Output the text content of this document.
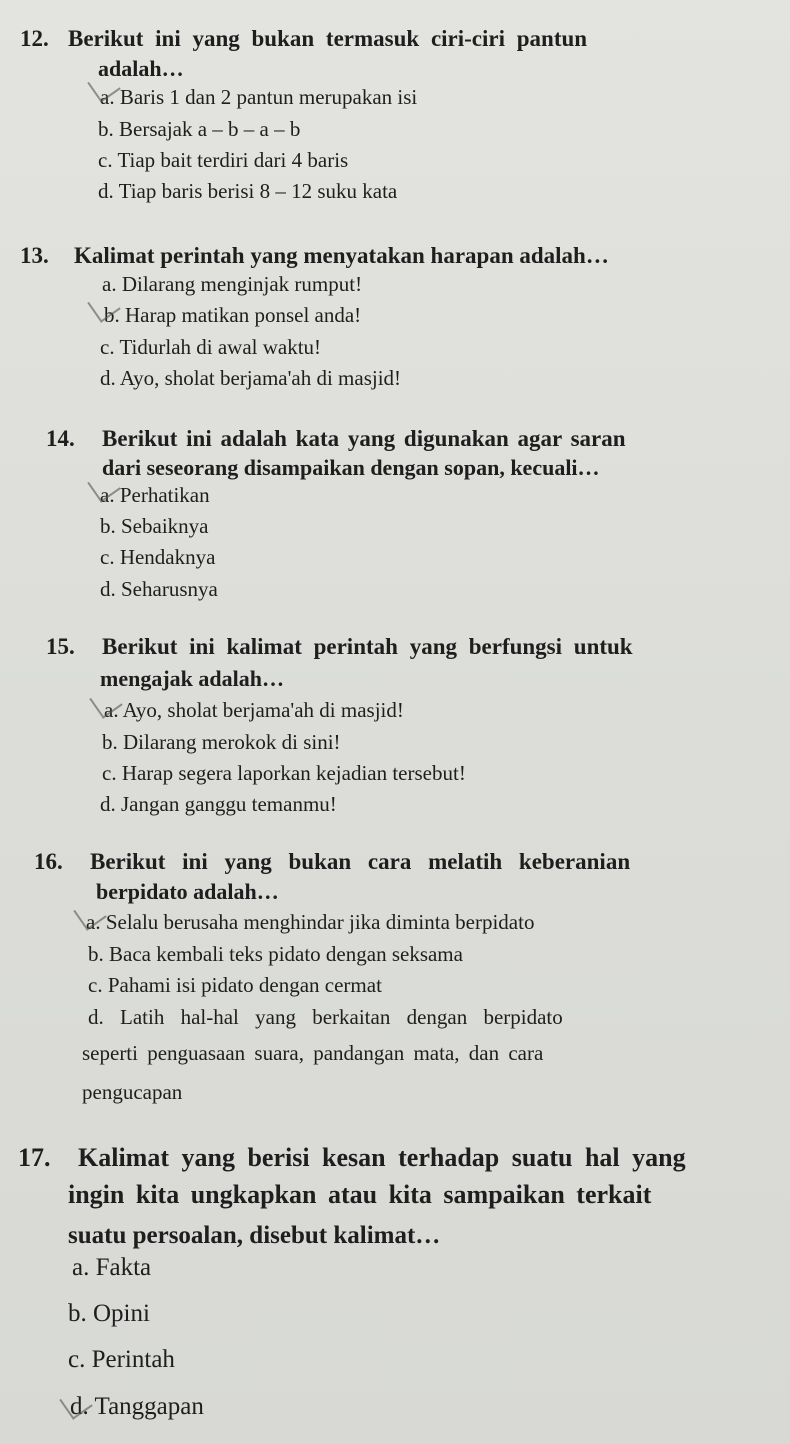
12. Berikut ini yang bukan termasuk ciri-ciri pantun
adalah…
a. Baris 1 dan 2 pantun merupakan isi
b. Bersajak a – b – a – b
c. Tiap bait terdiri dari 4 baris
d. Tiap baris berisi 8 – 12 suku kata
13. Kalimat perintah yang menyatakan harapan adalah…
a. Dilarang menginjak rumput!
b. Harap matikan ponsel anda!
c. Tidurlah di awal waktu!
d. Ayo, sholat berjama'ah di masjid!
14. Berikut ini adalah kata yang digunakan agar saran
dari seseorang disampaikan dengan sopan, kecuali…
a. Perhatikan
b. Sebaiknya
c. Hendaknya
d. Seharusnya
15. Berikut ini kalimat perintah yang berfungsi untuk
mengajak adalah…
a. Ayo, sholat berjama'ah di masjid!
b. Dilarang merokok di sini!
c. Harap segera laporkan kejadian tersebut!
d. Jangan ganggu temanmu!
16. Berikut ini yang bukan cara melatih keberanian
berpidato adalah…
a. Selalu berusaha menghindar jika diminta berpidato
b. Baca kembali teks pidato dengan seksama
c. Pahami isi pidato dengan cermat
d. Latih hal-hal yang berkaitan dengan berpidato
seperti penguasaan suara, pandangan mata, dan cara
pengucapan
17. Kalimat yang berisi kesan terhadap suatu hal yang
ingin kita ungkapkan atau kita sampaikan terkait
suatu persoalan, disebut kalimat…
a. Fakta
b. Opini
c. Perintah
d. Tanggapan
